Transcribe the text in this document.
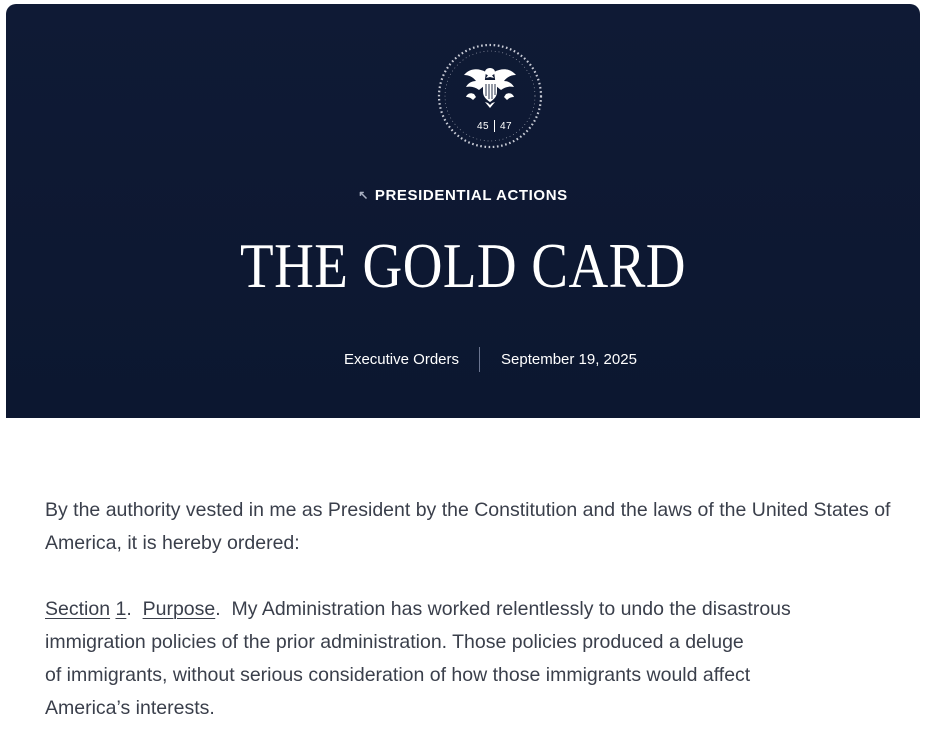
45 47
↖ PRESIDENTIAL ACTIONS
THE GOLD CARD
Executive Orders	September 19, 2025

By the authority vested in me as President by the Constitution and the laws of the United States of America, it is hereby ordered:

Section 1.  Purpose.  My Administration has worked relentlessly to undo the disastrous
immigration policies of the prior administration. Those policies produced a deluge
of immigrants, without serious consideration of how those immigrants would affect
America’s interests.
